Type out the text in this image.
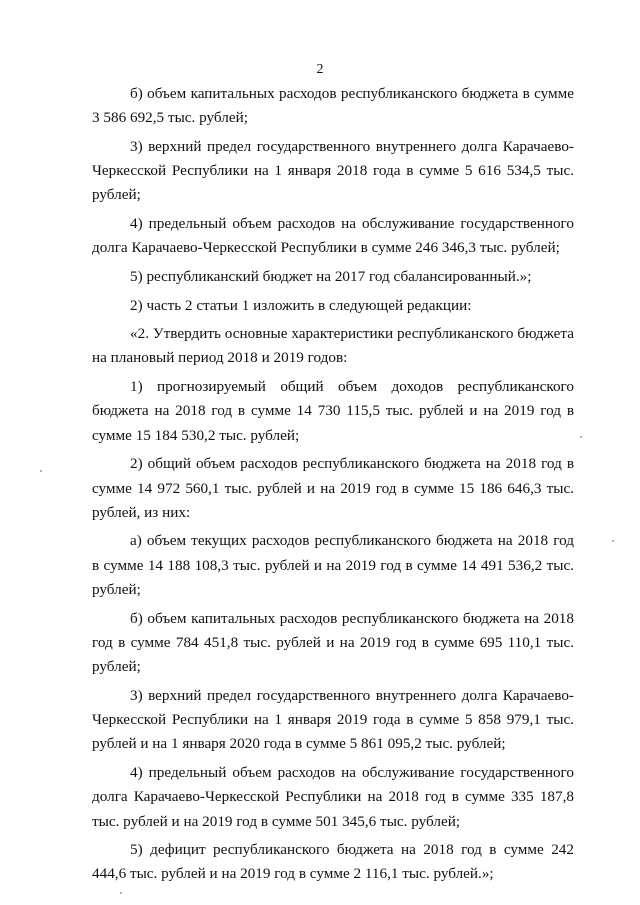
2

б) объем капитальных расходов республиканского бюджета в сумме 3 586 692,5 тыс. рублей;

3) верхний предел государственного внутреннего долга Карачаево-Черкесской Республики на 1 января 2018 года в сумме 5 616 534,5 тыс. рублей;

4) предельный объем расходов на обслуживание государственного долга Карачаево-Черкесской Республики в сумме 246 346,3 тыс. рублей;

5) республиканский бюджет на 2017 год сбалансированный.»;

2) часть 2 статьи 1 изложить в следующей редакции:

«2. Утвердить основные характеристики республиканского бюджета на плановый период 2018 и 2019 годов:

1) прогнозируемый общий объем доходов республиканского бюджета на 2018 год в сумме 14 730 115,5 тыс. рублей и на 2019 год в сумме 15 184 530,2 тыс. рублей;

2) общий объем расходов республиканского бюджета на 2018 год в сумме 14 972 560,1 тыс. рублей и на 2019 год в сумме 15 186 646,3 тыс. рублей, из них:

а) объем текущих расходов республиканского бюджета на 2018 год в сумме 14 188 108,3 тыс. рублей и на 2019 год в сумме 14 491 536,2 тыс. рублей;

б) объем капитальных расходов республиканского бюджета на 2018 год в сумме 784 451,8 тыс. рублей и на 2019 год в сумме 695 110,1 тыс. рублей;

3) верхний предел государственного внутреннего долга Карачаево-Черкесской Республики на 1 января 2019 года в сумме 5 858 979,1 тыс. рублей и на 1 января 2020 года в сумме 5 861 095,2 тыс. рублей;

4) предельный объем расходов на обслуживание государственного долга Карачаево-Черкесской Республики на 2018 год в сумме 335 187,8 тыс. рублей и на 2019 год в сумме 501 345,6 тыс. рублей;

5) дефицит республиканского бюджета на 2018 год в сумме 242 444,6 тыс. рублей и на 2019 год в сумме 2 116,1 тыс. рублей.»;
